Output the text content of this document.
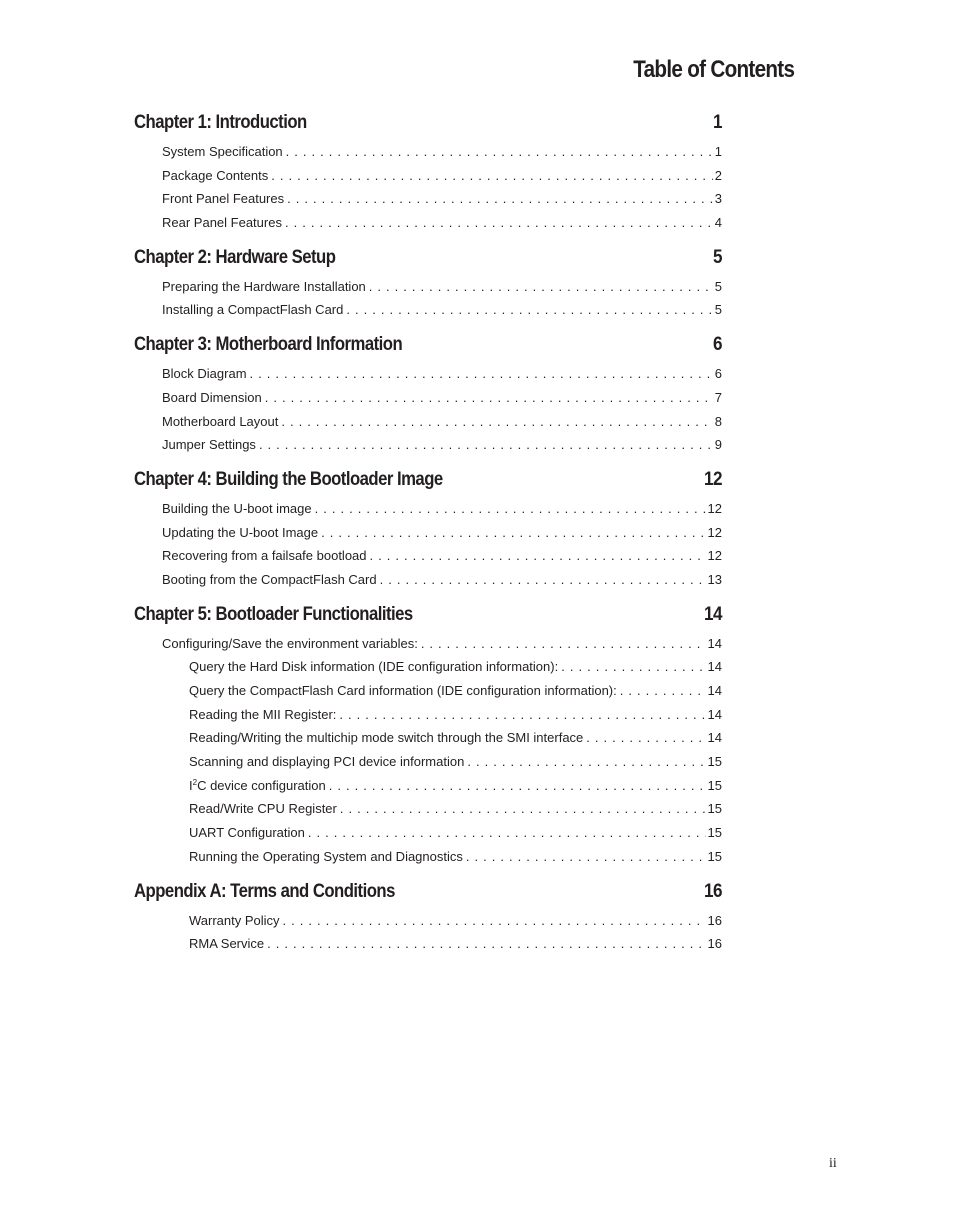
Table of Contents
Chapter 1: Introduction	1
System Specification . . .	1
Package Contents . . .	2
Front Panel Features . . .	3
Rear Panel Features . . .	4
Chapter 2: Hardware Setup	5
Preparing the Hardware Installation . . .	5
Installing a CompactFlash Card . . .	5
Chapter 3: Motherboard Information	6
Block Diagram . . .	6
Board Dimension . . .	7
Motherboard Layout . . .	8
Jumper Settings . . .	9
Chapter 4: Building the Bootloader Image	12
Building the U-boot image . . .	12
Updating the U-boot Image . . .	12
Recovering from a failsafe bootload . . .	12
Booting from the CompactFlash Card . . .	13
Chapter 5: Bootloader Functionalities	14
Configuring/Save the environment variables: . . .	14
Query the Hard Disk information (IDE configuration information): . . .	14
Query the CompactFlash Card information (IDE configuration information): . . .	14
Reading the MII Register: . . .	14
Reading/Writing the multichip mode switch through the SMI interface . . .	14
Scanning and displaying PCI device information . . .	15
$I^2C$ device configuration . . .	15
Read/Write CPU Register . . .	15
UART Configuration . . .	15
Running the Operating System and Diagnostics . . .	15
Appendix A: Terms and Conditions	16
Warranty Policy . . .	16
RMA Service . . .	16
ii
